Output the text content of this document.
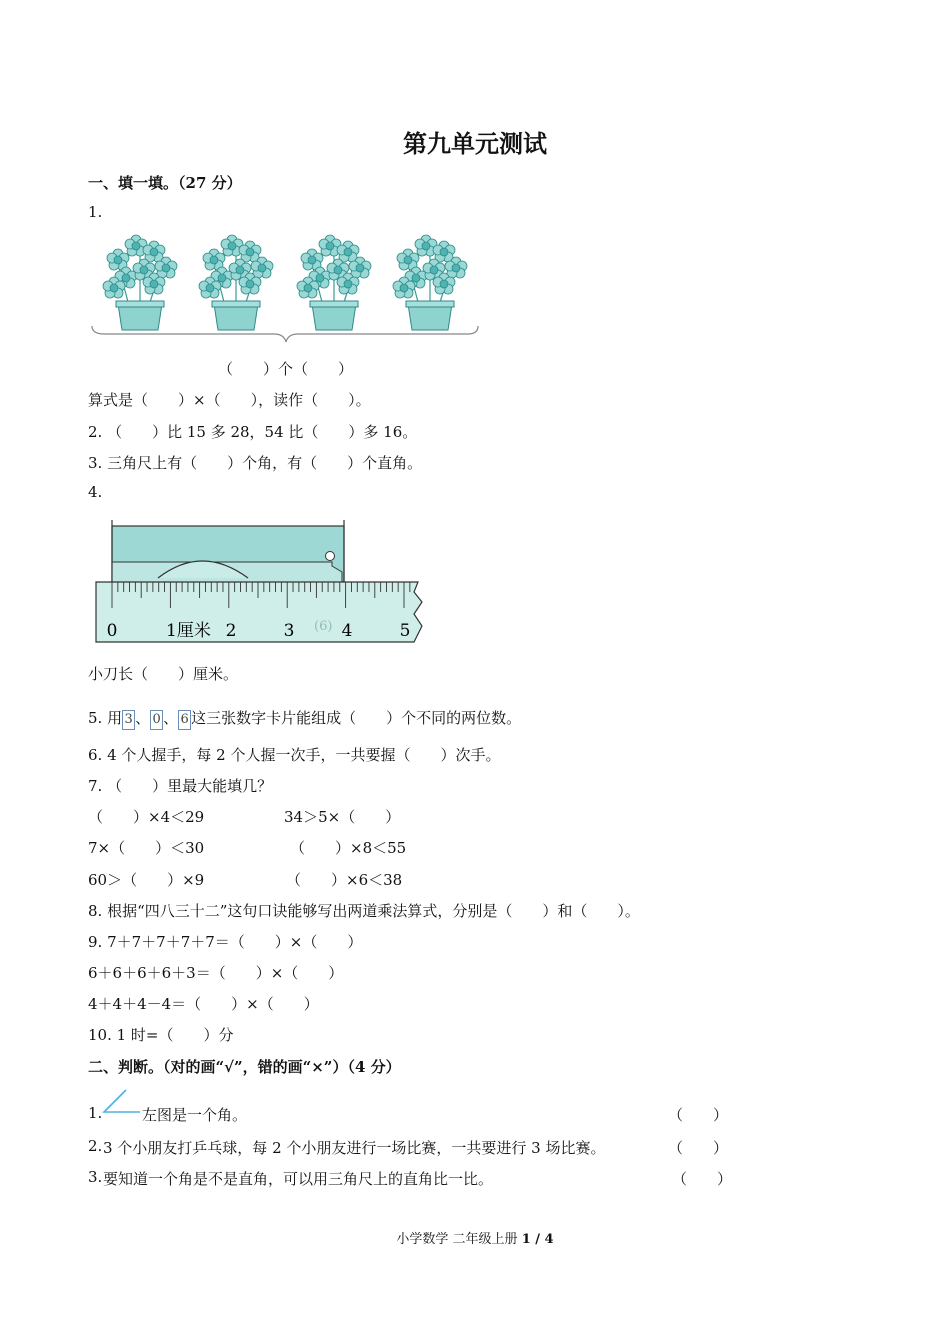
第九单元测试
一、填一填。（27 分）
1.
（　　）个（　　）
算式是（　　）×（　　），读作（　　）。
2. （　　）比 15 多 28，54 比（　　）多 16。
3. 三角尺上有（　　）个角，有（　　）个直角。
4.
0	1厘米 2	3	4	5
(6)
小刀长（　　）厘米。
5. 用 3 、 0 、 6 这三张数字卡片能组成（　　）个不同的两位数。
6. 4 个人握手，每 2 个人握一次手，一共要握（　　）次手。
7. （　　）里最大能填几？
（　　）×4＜29	34＞5×（　　）
7×（　　）＜30	（　　）×8＜55
60＞（　　）×9	（　　）×6＜38
8. 根据“四八三十二”这句口诀能够写出两道乘法算式，分别是（　　）和（　　）。
9. 7＋7＋7＋7＋7＝（　　）×（　　）
6＋6＋6＋6＋3＝（　　）×（　　）
4＋4＋4－4＝（　　）×（　　）
10. 1 时=（　　）分
二、判断。（对的画“√”，错的画“×”）（4 分）
1.	左图是一个角。	（　　）
2. 3 个小朋友打乒乓球，每 2 个小朋友进行一场比赛，一共要进行 3 场比赛。	（　　）
3. 要知道一个角是不是直角，可以用三角尺上的直角比一比。	（　　）
小学数学 二年级上册 1 / 4
